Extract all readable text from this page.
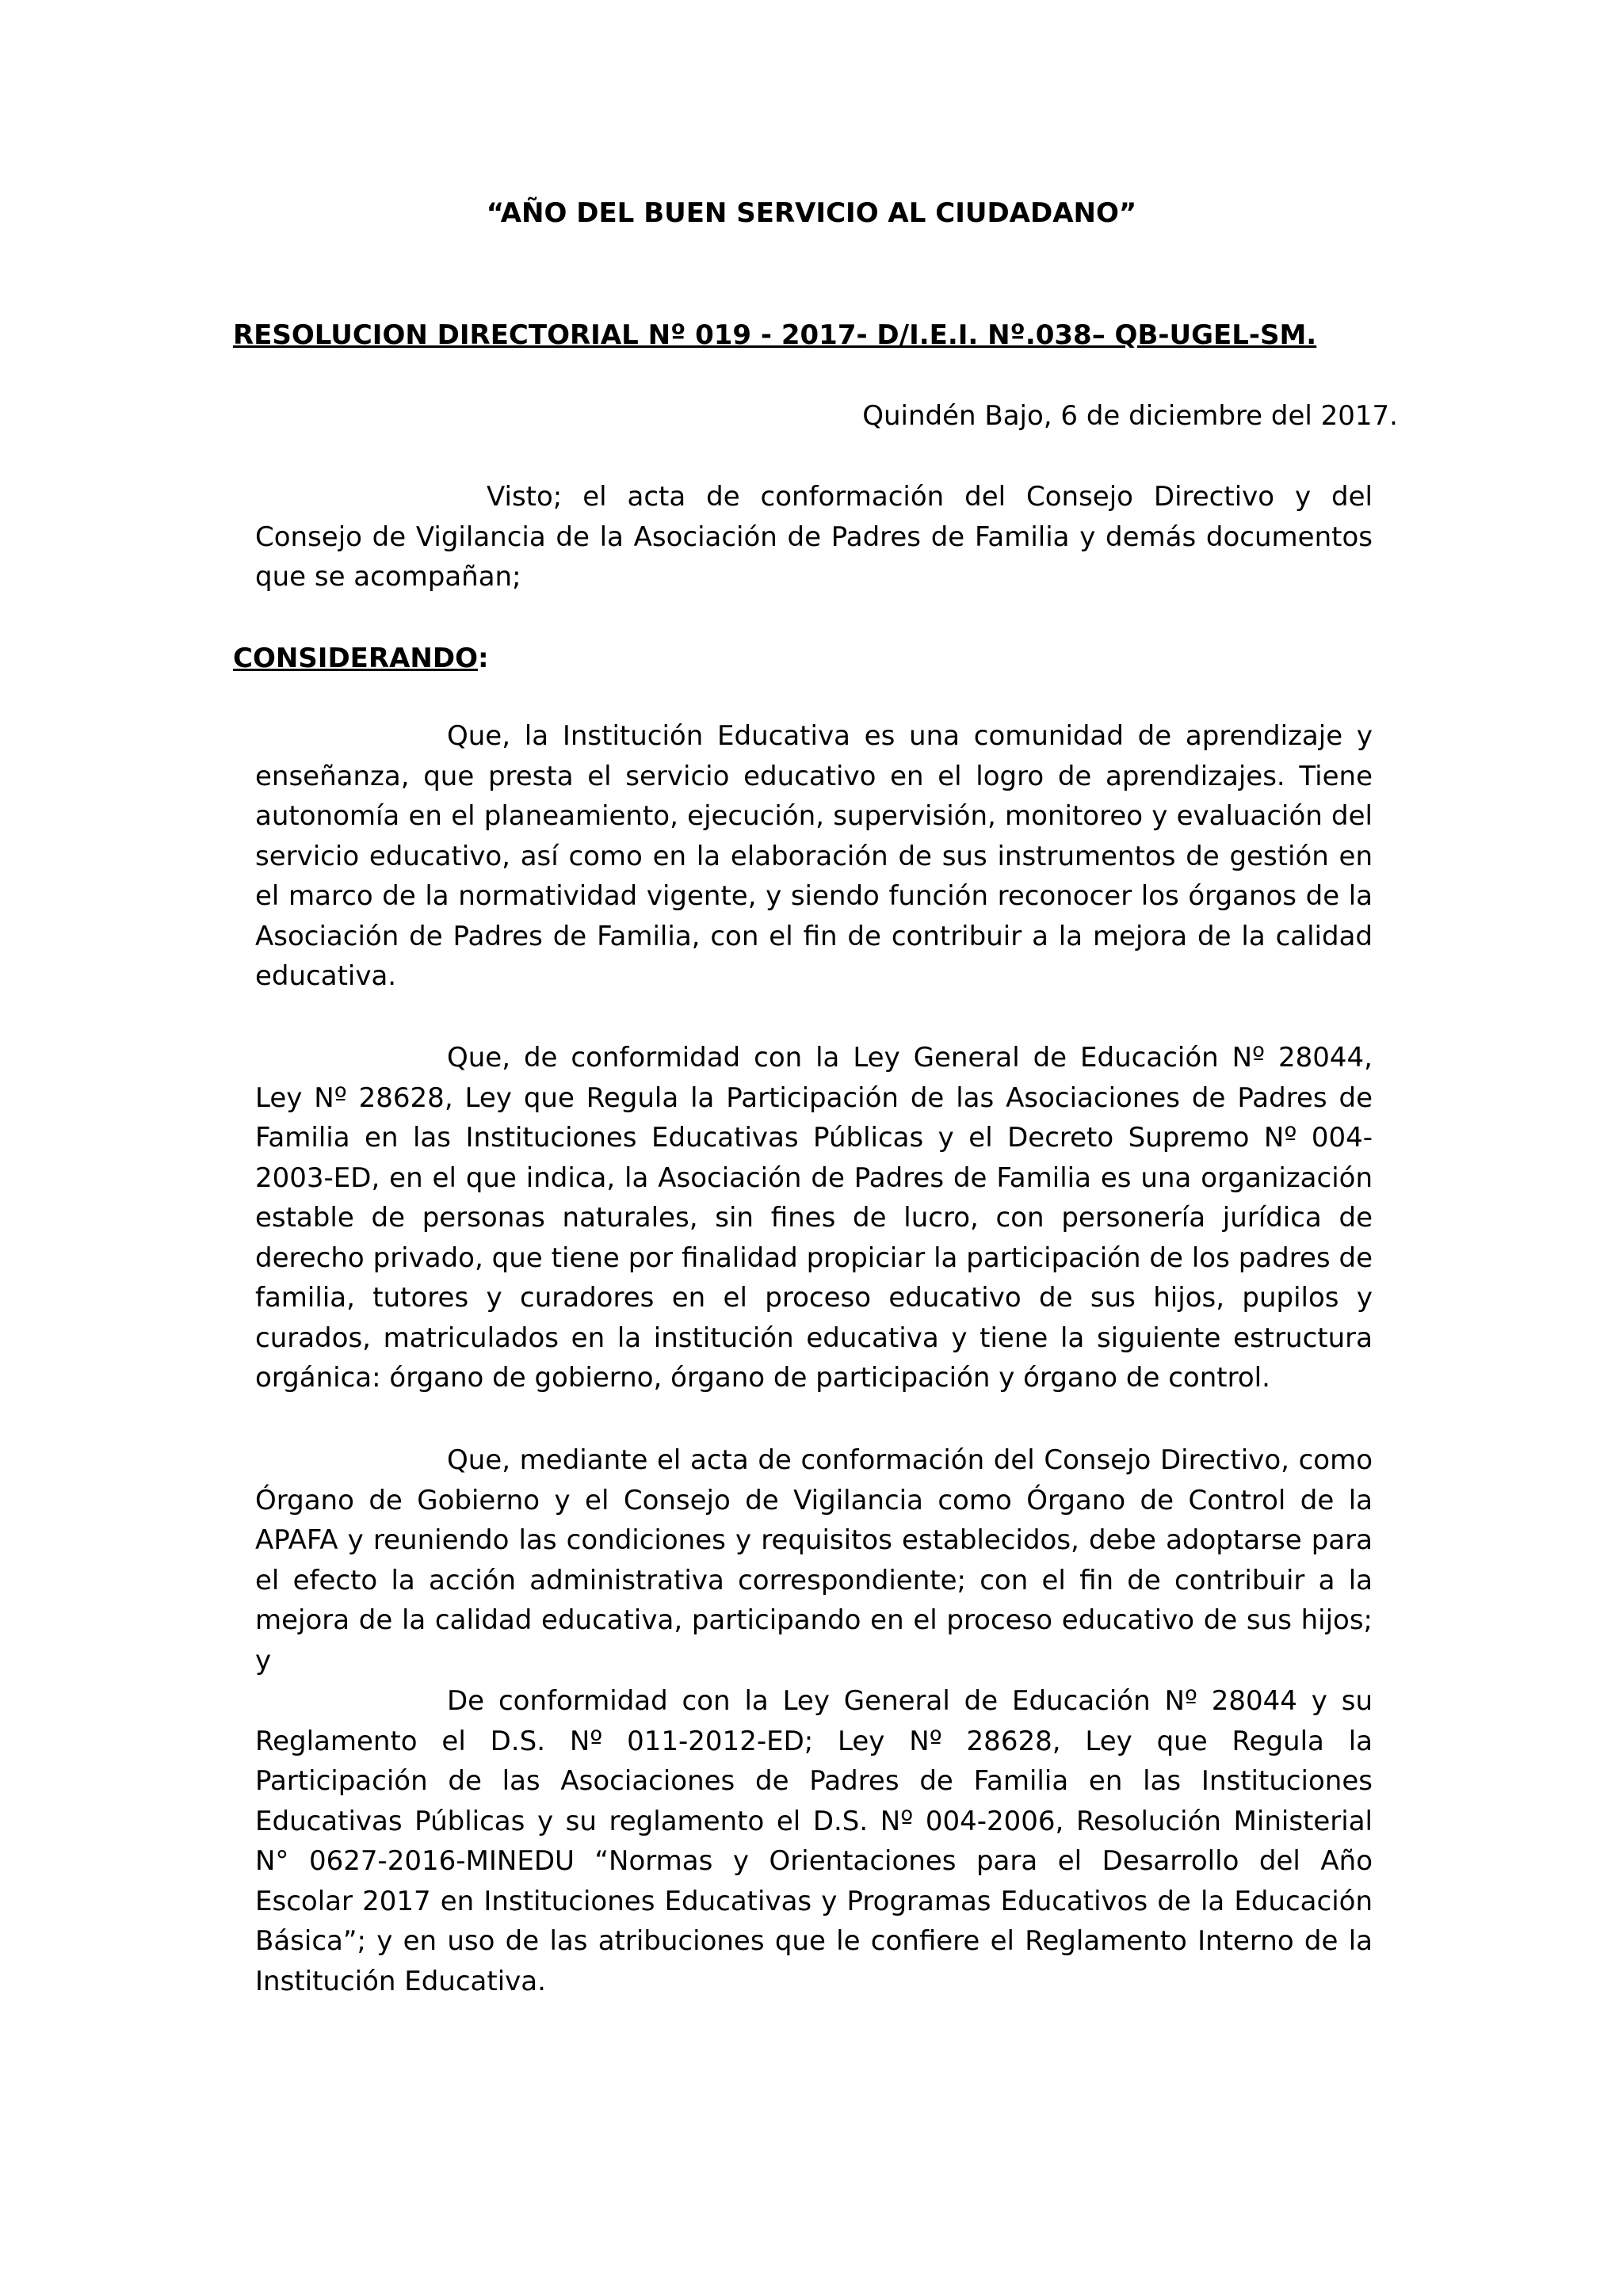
“AÑO DEL BUEN SERVICIO AL CIUDADANO”

RESOLUCION DIRECTORIAL Nº 019 - 2017- D/I.E.I. Nº.038– QB-UGEL-SM.

Quindén Bajo, 6 de diciembre del 2017.

Visto; el acta de conformación del Consejo Directivo y del Consejo de Vigilancia de la Asociación de Padres de Familia y demás documentos que se acompañan;

CONSIDERANDO:

Que, la Institución Educativa es una comunidad de aprendizaje y enseñanza, que presta el servicio educativo en el logro de aprendizajes. Tiene autonomía en el planeamiento, ejecución, supervisión, monitoreo y evaluación del servicio educativo, así como en la elaboración de sus instrumentos de gestión en el marco de la normatividad vigente, y siendo función reconocer los órganos de la Asociación de Padres de Familia, con el fin de contribuir a la mejora de la calidad educativa.

Que, de conformidad con la Ley General de Educación Nº 28044, Ley Nº 28628, Ley que Regula la Participación de las Asociaciones de Padres de Familia en las Instituciones Educativas Públicas y el Decreto Supremo Nº 004-2003-ED, en el que indica, la Asociación de Padres de Familia es una organización estable de personas naturales, sin fines de lucro, con personería jurídica de derecho privado, que tiene por finalidad propiciar la participación de los padres de familia, tutores y curadores en el proceso educativo de sus hijos, pupilos y curados, matriculados en la institución educativa y tiene la siguiente estructura orgánica: órgano de gobierno, órgano de participación y órgano de control.

Que, mediante el acta de conformación del Consejo Directivo, como Órgano de Gobierno y el Consejo de Vigilancia como Órgano de Control de la APAFA y reuniendo las condiciones y requisitos establecidos, debe adoptarse para el efecto la acción administrativa correspondiente; con el fin de contribuir a la mejora de la calidad educativa, participando en el proceso educativo de sus hijos; y

De conformidad con la Ley General de Educación Nº 28044 y su Reglamento el D.S. Nº 011-2012-ED; Ley Nº 28628, Ley que Regula la Participación de las Asociaciones de Padres de Familia en las Instituciones Educativas Públicas y su reglamento el D.S. Nº 004-2006, Resolución Ministerial N° 0627-2016-MINEDU “Normas y Orientaciones para el Desarrollo del Año Escolar 2017 en Instituciones Educativas y Programas Educativos de la Educación Básica”; y en uso de las atribuciones que le confiere el Reglamento Interno de la Institución Educativa.
